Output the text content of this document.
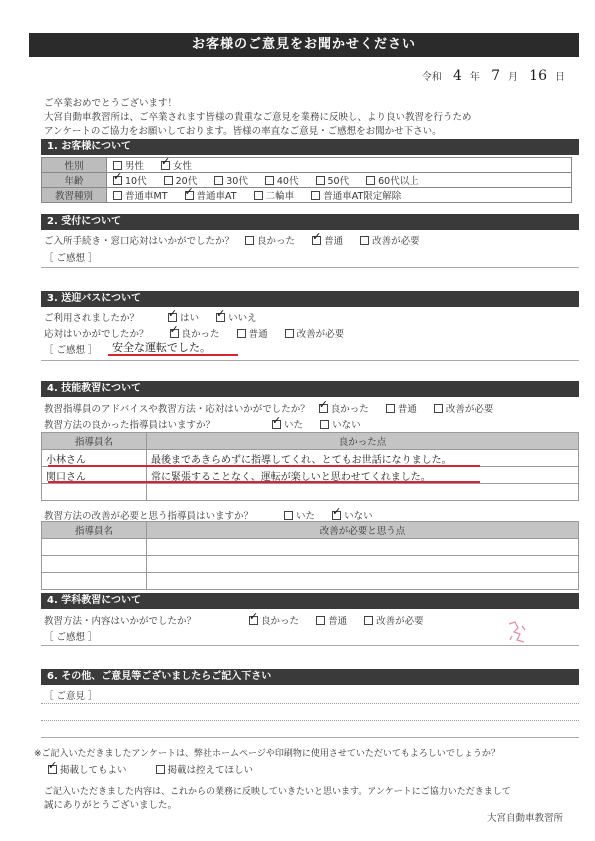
お客様のご意見をお聞かせください
令和 4 年 7 月 16 日
ご卒業おめでとうございます！
大宮自動車教習所は、ご卒業されます皆様の貴重なご意見を業務に反映し、より良い教習を行うため
アンケートのご協力をお願いしております。皆様の率直なご意見・ご感想をお聞かせ下さい。
1. お客様について
性別	男性 ✓ 女性
年齢	✓10代 20代 30代 40代 50代 60代以上
教習種別	普通車MT ✓ 普通車AT 二輪車 普通車AT限定解除
2. 受付について
ご入所手続き・窓口応対はいかがでしたか？ 良かった ✓	普通	改善が必要
［ ご感想 ］
3. 送迎バスについて
ご利用されましたか？ ✓	はい ✓	いいえ
応対はいかがでしたか？ ✓	良かった	普通	改善が必要
［ ご感想 ］ 安全な運転でした。
4. 技能教習について
教習指導員のアドバイスや教習方法・応対はいかがでしたか？ ✓ 良かった	普通	改善が必要
教習方法の良かった指導員はいますか？ ✓	いた	いない
指導員名	良かった点
小林さん	最後まであきらめずに指導してくれ、とてもお世話になりました。
関口さん	常に緊張することなく、運転が楽しいと思わせてくれました。

教習方法の改善が必要と思う指導員はいますか？	いた ✓	いない
指導員名	改善が必要と思う点

4. 学科教習について
教習方法・内容はいかがでしたか？ ✓	良かった	普通	改善が必要
［ ご感想 ］
6. その他、ご意見等ございましたらご記入下さい
［ ご意見 ］
※ご記入いただきましたアンケートは、弊社ホームページや印刷物に使用させていただいてもよろしいでしょうか？
✓掲載してもよい	掲載は控えてほしい
ご記入いただきました内容は、これからの業務に反映していきたいと思います。アンケートにご協力いただきまして
誠にありがとうございました。
大宮自動車教習所
